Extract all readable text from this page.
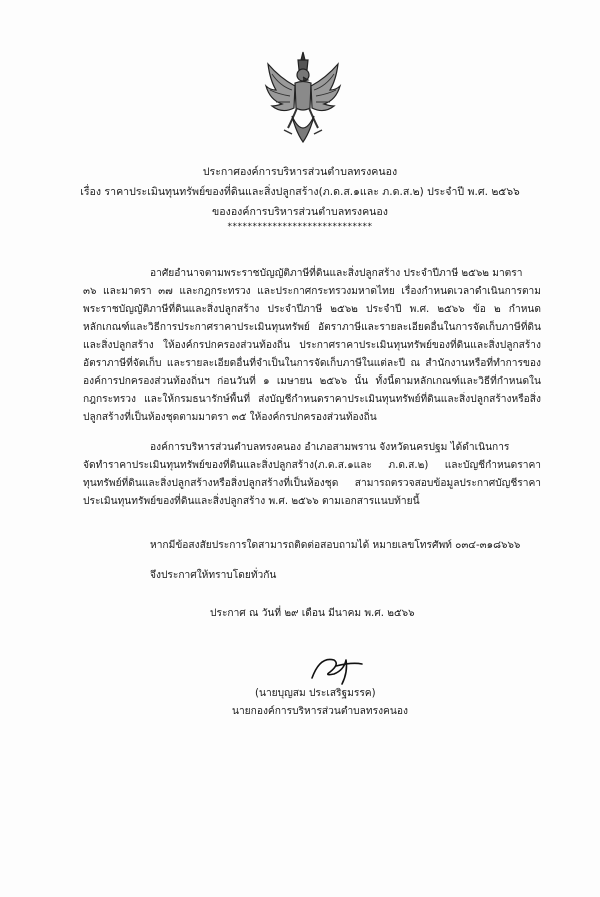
ประกาศองค์การบริหารส่วนตำบลทรงคนอง
เรื่อง ราคาประเมินทุนทรัพย์ของที่ดินและสิ่งปลูกสร้าง(ภ.ด.ส.๑และ ภ.ด.ส.๒) ประจำปี พ.ศ. ๒๕๖๖
ขององค์การบริหารส่วนตำบลทรงคนอง
*****************************
อาศัยอำนาจตามพระราชบัญญัติภาษีที่ดินและสิ่งปลูกสร้าง ประจำปีภาษี ๒๕๖๒ มาตรา
๓๖ และมาตรา ๓๗ และกฎกระทรวง และประกาศกระทรวงมหาดไทย เรื่องกำหนดเวลาดำเนินการตาม
พระราชบัญญัติภาษีที่ดินและสิ่งปลูกสร้าง ประจำปีภาษี ๒๕๖๒ ประจำปี พ.ศ. ๒๕๖๖ ข้อ ๒ กำหนด
หลักเกณฑ์และวิธีการประกาศราคาประเมินทุนทรัพย์ อัตราภาษีและรายละเอียดอื่นในการจัดเก็บภาษีที่ดิน
และสิ่งปลูกสร้าง ให้องค์กรปกครองส่วนท้องถิ่น ประกาศราคาประเมินทุนทรัพย์ของที่ดินและสิ่งปลูกสร้าง
อัตราภาษีที่จัดเก็บ และรายละเอียดอื่นที่จำเป็นในการจัดเก็บภาษีในแต่ละปี ณ สำนักงานหรือที่ทำการของ
องค์การปกครองส่วนท้องถิ่นฯ ก่อนวันที่ ๑ เมษายน ๒๕๖๖ นั้น ทั้งนี้ตามหลักเกณฑ์และวิธีที่กำหนดใน
กฎกระทรวง และให้กรมธนารักษ์พื้นที่ ส่งบัญชีกำหนดราคาประเมินทุนทรัพย์ที่ดินและสิ่งปลูกสร้างหรือสิ่ง
ปลูกสร้างที่เป็นห้องชุดตามมาตรา ๓๕ ให้องค์กรปกครองส่วนท้องถิ่น
องค์การบริหารส่วนตำบลทรงคนอง อำเภอสามพราน จังหวัดนครปฐม ได้ดำเนินการ
จัดทำราคาประเมินทุนทรัพย์ของที่ดินและสิ่งปลูกสร้าง(ภ.ด.ส.๑และ ภ.ด.ส.๒) และบัญชีกำหนดราคา
ทุนทรัพย์ที่ดินและสิ่งปลูกสร้างหรือสิ่งปลูกสร้างที่เป็นห้องชุด สามารถตรวจสอบข้อมูลประกาศบัญชีราคา
ประเมินทุนทรัพย์ของที่ดินและสิ่งปลูกสร้าง พ.ศ. ๒๕๖๖ ตามเอกสารแนบท้ายนี้
หากมีข้อสงสัยประการใดสามารถติดต่อสอบถามได้ หมายเลขโทรศัพท์ ๐๓๔-๓๑๘๖๖๖
จึงประกาศให้ทราบโดยทั่วกัน
ประกาศ ณ วันที่ ๒๙ เดือน มีนาคม พ.ศ. ๒๕๖๖
(นายบุญสม ประเสริฐมรรค)
นายกองค์การบริหารส่วนตำบลทรงคนอง
